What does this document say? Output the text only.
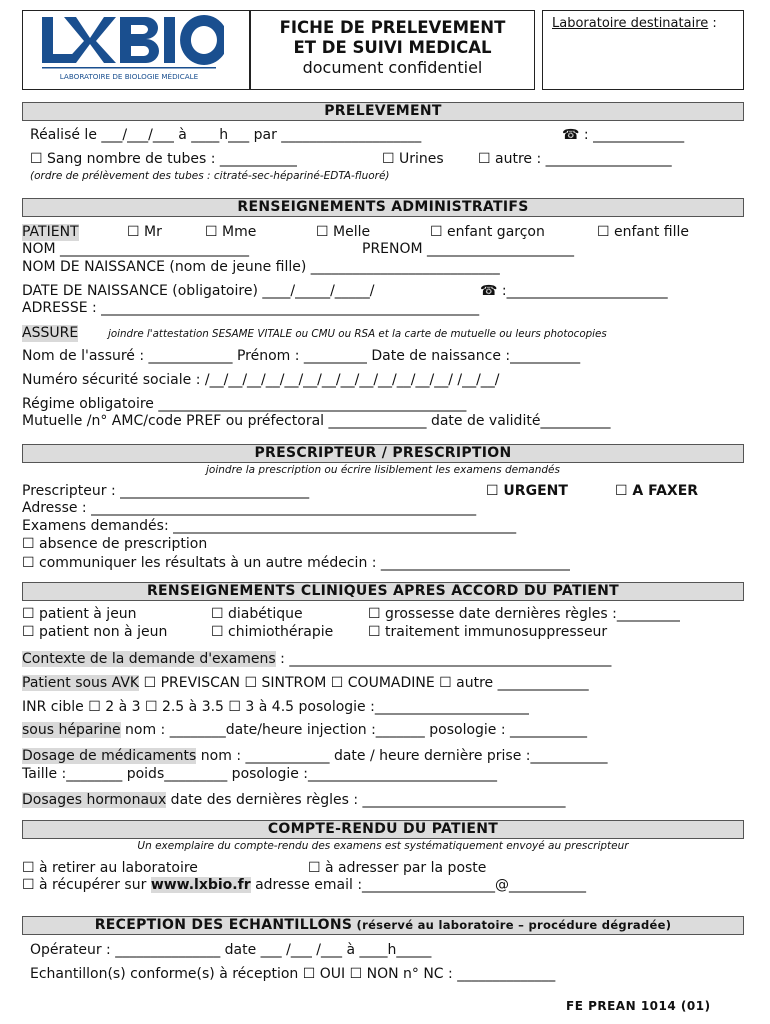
LABORATOIRE DE BIOLOGIE MÉDICALE
FICHE DE PRELEVEMENT
ET DE SUIVI MEDICAL
document confidentiel
Laboratoire destinataire :
PRELEVEMENT
Réalisé le ___/___/___ à ____h___ par ____________________	☎ : _____________
☐ Sang nombre de tubes : ___________	☐ Urines ☐ autre : __________________
(ordre de prélèvement des tubes : citraté-sec-hépariné-EDTA-fluoré)
RENSEIGNEMENTS ADMINISTRATIFS
PATIENT	☐ Mr	☐ Mme	☐ Melle	☐ enfant garçon	☐ enfant fille
NOM ___________________________	PRENOM _____________________
NOM DE NAISSANCE (nom de jeune fille) ___________________________
DATE DE NAISSANCE (obligatoire) ____/_____/_____/	☎ :_______________________
ADRESSE : ______________________________________________________
ASSURE	joindre l'attestation SESAME VITALE ou CMU ou RSA et la carte de mutuelle ou leurs photocopies
Nom de l'assuré : ____________ Prénom : _________ Date de naissance :__________
Numéro sécurité sociale : /__/__/__/__/__/__/__/__/__/__/__/__/__/ /__/__/
Régime obligatoire ____________________________________________
Mutuelle /n° AMC/code PREF ou préfectoral ______________ date de validité__________
PRESCRIPTEUR / PRESCRIPTION
joindre la prescription ou écrire lisiblement les examens demandés
Prescripteur : ___________________________	☐ URGENT	☐ A FAXER
Adresse : _______________________________________________________
Examens demandés: _________________________________________________
☐ absence de prescription
☐ communiquer les résultats à un autre médecin : ___________________________
RENSEIGNEMENTS CLINIQUES APRES ACCORD DU PATIENT
☐ patient à jeun	☐ diabétique	☐ grossesse date dernières règles :_________
☐ patient non à jeun	☐ chimiothérapie ☐ traitement immunosuppresseur
Contexte de la demande d'examens : ______________________________________________
Patient sous AVK ☐ PREVISCAN ☐ SINTROM ☐ COUMADINE ☐ autre _____________
INR cible ☐ 2 à 3 ☐ 2.5 à 3.5 ☐ 3 à 4.5 posologie :______________________
sous héparine nom : ________date/heure injection :_______ posologie : ___________
Dosage de médicaments nom : ____________ date / heure dernière prise :___________
Taille :________ poids_________ posologie :___________________________
Dosages hormonaux date des dernières règles : _____________________________
COMPTE-RENDU DU PATIENT
Un exemplaire du compte-rendu des examens est systématiquement envoyé au prescripteur
☐ à retirer au laboratoire	☐ à adresser par la poste
☐ à récupérer sur www.lxbio.fr adresse email :___________________@___________
RECEPTION DES ECHANTILLONS (réservé au laboratoire – procédure dégradée)
Opérateur : _______________ date ___ /___ /___ à ____h_____
Echantillon(s) conforme(s) à réception ☐ OUI ☐ NON n° NC : ______________
FE PREAN 1014 (01)
